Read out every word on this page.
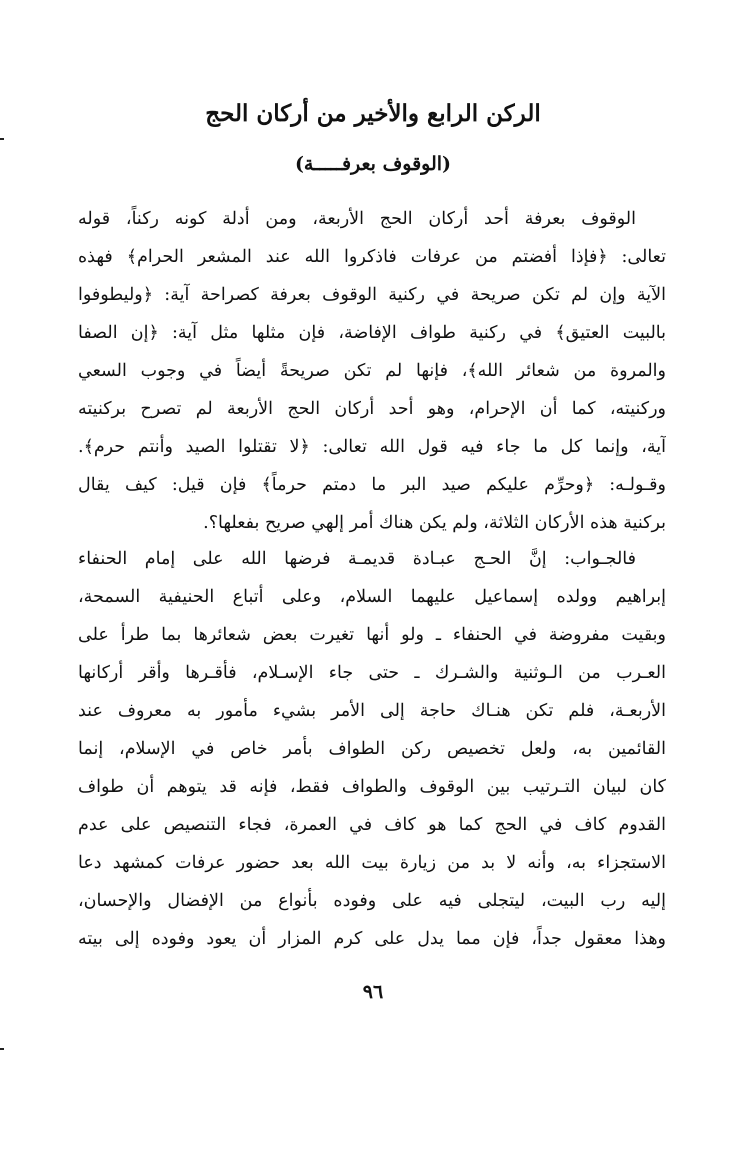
الركن الرابع والأخير من أركان الحج
(الوقوف بعرفـــــة)
الوقوف بعرفة أحد أركان الحج الأربعة، ومن أدلة كونه ركناً، قوله
تعالى: ﴿فإذا أفضتم من عرفات فاذكروا الله عند المشعر الحرام﴾ فهذه
الآية وإن لم تكن صريحة في ركنية الوقوف بعرفة كصراحة آية: ﴿وليطوفوا
بالبيت العتيق﴾ في ركنية طواف الإفاضة، فإن مثلها مثل آية: ﴿إن الصفا
والمروة من شعائر الله﴾، فإنها لم تكن صريحةً أيضاً في وجوب السعي
وركنيته، كما أن الإحرام، وهو أحد أركان الحج الأربعة لم تصرح بركنيته
آية، وإنما كل ما جاء فيه قول الله تعالى: ﴿لا تقتلوا الصيد وأنتم حرم﴾.
وقـولـه: ﴿وحرِّم عليكم صيد البر ما دمتم حرماً﴾ فإن قيل: كيف يقال
بركنية هذه الأركان الثلاثة، ولم يكن هناك أمر إلهي صريح بفعلها؟.
فالجـواب: إنَّ الحـج عبـادة قديمـة فرضها الله على إمام الحنفاء
إبراهيم وولده إسماعيل عليهما السلام، وعلى أتباع الحنيفية السمحة،
وبقيت مفروضة في الحنفاء ـ ولو أنها تغيرت بعض شعائرها بما طرأ على
العـرب من الـوثنية والشـرك ـ حتى جاء الإسـلام، فأقـرها وأقر أركانها
الأربعـة، فلم تكن هنـاك حاجة إلى الأمر بشيء مأمور به معروف عند
القائمين به، ولعل تخصيص ركن الطواف بأمر خاص في الإسلام، إنما
كان لبيان التـرتيب بين الوقوف والطواف فقط، فإنه قد يتوهم أن طواف
القدوم كاف في الحج كما هو كاف في العمرة، فجاء التنصيص على عدم
الاستجزاء به، وأنه لا بد من زيارة بيت الله بعد حضور عرفات كمشهد دعا
إليه رب البيت، ليتجلى فيه على وفوده بأنواع من الإفضال والإحسان،
وهذا معقول جداً، فإن مما يدل على كرم المزار أن يعود وفوده إلى بيته
٩٦
